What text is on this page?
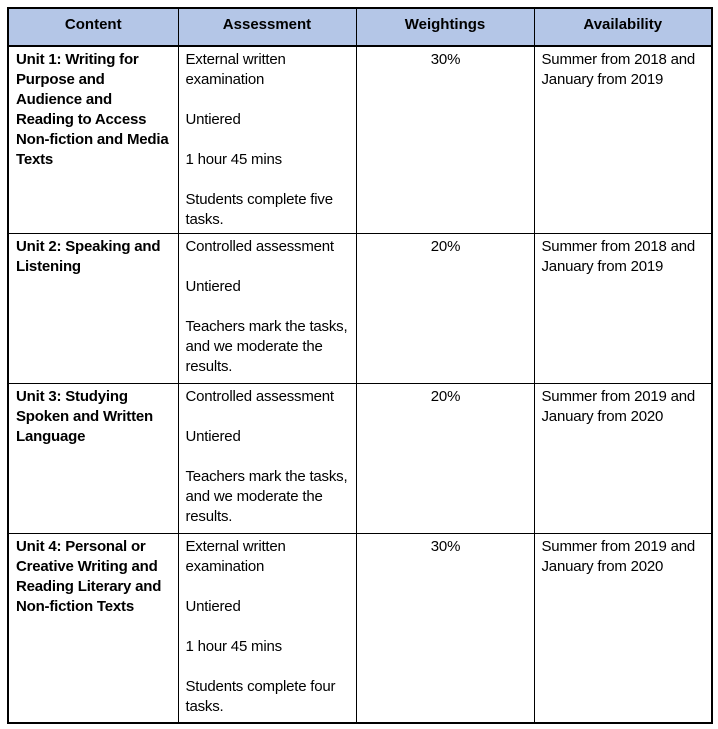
Content	Assessment	Weightings	Availability
Unit 1: Writing for Purpose and Audience and Reading to Access Non-fiction and Media Texts	External written examination

Untiered

1 hour 45 mins

Students complete five tasks.	30%	Summer from 2018 and January from 2019

Unit 2: Speaking and Listening	Controlled assessment

Untiered

Teachers mark the tasks, and we moderate the results.	20%	Summer from 2018 and January from 2019

Unit 3: Studying Spoken and Written Language	Controlled assessment

Untiered

Teachers mark the tasks, and we moderate the results.	20%	Summer from 2019 and January from 2020

Unit 4: Personal or Creative Writing and Reading Literary and Non-fiction Texts	External written examination

Untiered

1 hour 45 mins

Students complete four tasks.	30%	Summer from 2019 and January from 2020
